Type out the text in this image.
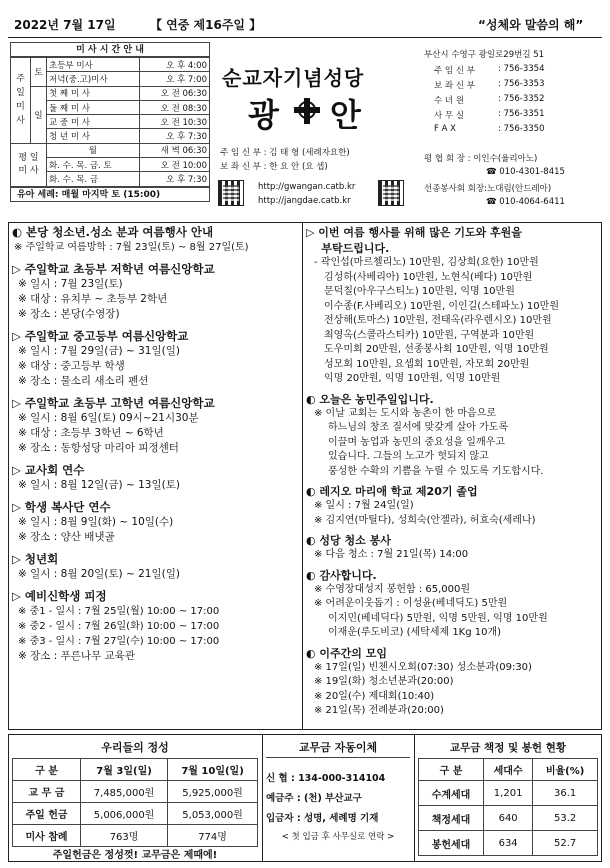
2022년 7월 17일	【 연중 제16주일 】	“성체와 말씀의 해”
미 사 시 간 안 내
주 일 미 사	토	초등부 미사	오 후 4:00
		저녁(중.고)미사	오 후 7:00
	일	첫 째 미 사	오 전 06:30
		둘 째 미 사	오 전 08:30
		교 중 미 사	오 전 10:30
		청 년 미 사	오 후 7:30
평 일 미 사		월	새 벽 06:30
		화. 수. 목. 금. 토	오 전 10:00
		화. 수. 목. 금	오 후 7:30
유아 세례: 매월 마지막 토 (15:00)
순교자기념성당
광 안
주 임 신 부 : 김 태 형 (세례자요한)
보 좌 신 부 : 한 요 안 (요 셉)
http://gwangan.catb.kr
http://jangdae.catb.kr
부산시 수영구 광일로29번길 51
주 임 신 부	: 756-3354
보 좌 신 부	: 756-3353
수 녀 원	: 756-3352
사 무 실	: 756-3351
F A X	: 756-3350
평 협 회 장 : 이인수(율리아노)
☎ 010-4301-8415
선종봉사회 회장:노대림(안드레아)
☎ 010-4064-6411
◐ 본당 청소년.성소 분과 여름행사 안내
※ 주일학교 여름방학 : 7월 23일(토) ~ 8월 27일(토)
▷ 주일학교 초등부 저학년 여름신앙학교
※ 일시 : 7월 23일(토)
※ 대상 : 유치부 ~ 초등부 2학년
※ 장소 : 본당(수영장)
▷ 주일학교 중고등부 여름신앙학교
※ 일시 : 7월 29일(금) ~ 31일(일)
※ 대상 : 중고등부 학생
※ 장소 : 물소리 새소리 펜션
▷ 주일학교 초등부 고학년 여름신앙학교
※ 일시 : 8월 6일(토) 09시~21시30분
※ 대상 : 초등부 3학년 ~ 6학년
※ 장소 : 동항성당 마리아 피정센터
▷ 교사회 연수
※ 일시 : 8월 12일(금) ~ 13일(토)
▷ 학생 복사단 연수
※ 일시 : 8월 9일(화) ~ 10일(수)
※ 장소 : 양산 배냇골
▷ 청년회
※ 일시 : 8월 20일(토) ~ 21일(일)
▷ 예비신학생 피정
※ 중1 - 일시 : 7월 25일(월) 10:00 ~ 17:00
※ 중2 - 일시 : 7월 26일(화) 10:00 ~ 17:00
※ 중3 - 일시 : 7월 27일(수) 10:00 ~ 17:00
※ 장소 : 푸른나무 교육관
▷ 이번 여름 행사를 위해 많은 기도와 후원을
부탁드립니다.
- 곽인섭(마르첼리노) 10만원, 김상희(요한) 10만원
김성하(사베리아) 10만원, 노현식(베다) 10만원
문덕칠(아우구스티노) 10만원, 익명 10만원
이수종(F.사베리오) 10만원, 이인길(스테파노) 10만원
전상해(토마스) 10만원, 전태옥(라우렌시오) 10만원
최영옥(스콜라스티카) 10만원, 구역분과 10만원
도우미회 20만원, 선종봉사회 10만원, 익명 10만원
성모회 10만원, 요셉회 10만원, 자모회 20만원
익명 20만원, 익명 10만원, 익명 10만원
◐ 오늘은 농민주일입니다.
※ 이날 교회는 도시와 농촌이 한 마음으로
하느님의 창조 질서에 맞갖게 살아 가도록
이끌며 농업과 농민의 중요성을 일깨우고
있습니다. 그들의 노고가 헛되지 않고
풍성한 수확의 기쁨을 누릴 수 있도록 기도합시다.
◐ 레지오 마리애 학교 제20기 졸업
※ 일시 : 7월 24일(일)
※ 김지연(마틸다), 성희숙(안젤라), 허효숙(세레나)
◐ 성당 청소 봉사
※ 다음 청소 : 7월 21일(목) 14:00
◐ 감사합니다.
※ 수영장대성지 봉헌함 : 65,000원
※ 어려운이웃돕기 : 이성윤(베네딕도) 5만원
이지민(베네딕다) 5만원, 익명 5만원, 익명 10만원
이재운(루도비코) (세탁세제 1Kg 10개)
◐ 이주간의 모임
※ 17일(일) 빈첸시오회(07:30) 성소분과(09:30)
※ 19일(화) 청소년분과(20:00)
※ 20일(수) 제대회(10:40)
※ 21일(목) 전례분과(20:00)
우리들의 정성
구 분	7월 3일(일)	7월 10일(일)
교 무 금	7,485,000원	5,925,000원
주일 헌금	5,006,000원	5,053,000원
미사 참례	763명	774명
주일헌금은 정성껏! 교무금은 제때에!
교무금 자동이체
신 협 : 134-000-314104
예금주 : (천) 부산교구
입금자 : 성명, 세례명 기재
< 첫 입금 후 사무실로 연락 >
교무금 책정 및 봉헌 현황
구 분	세대수	비율(%)
수계세대	1,201	36.1
책정세대	640	53.2
봉헌세대	634	52.7
